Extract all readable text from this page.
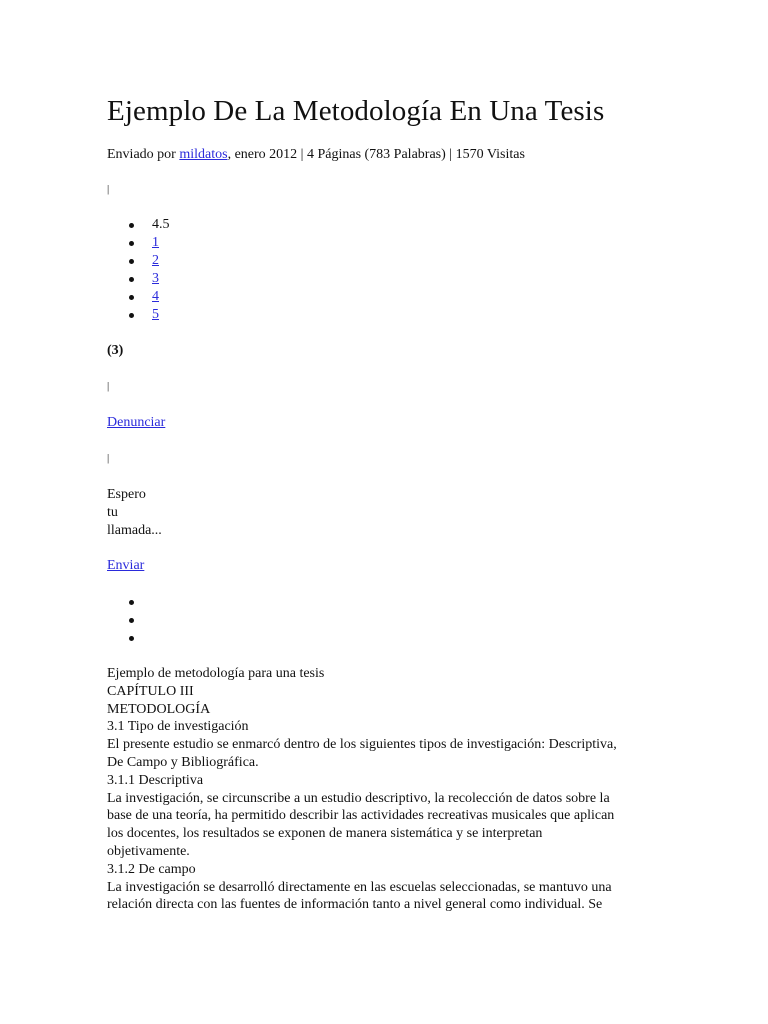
Ejemplo De La Metodología En Una Tesis
Enviado por mildatos, enero 2012 | 4 Páginas (783 Palabras) | 1570 Visitas
|
4.5
1
2
3
4
5
(3)
|
Denunciar
|
Espero
tu
llamada...
Enviar
Ejemplo de metodología para una tesis
CAPÍTULO III
METODOLOGÍA
3.1 Tipo de investigación
El presente estudio se enmarcó dentro de los siguientes tipos de investigación: Descriptiva,
De Campo y Bibliográfica.
3.1.1 Descriptiva
La investigación, se circunscribe a un estudio descriptivo, la recolección de datos sobre la
base de una teoría, ha permitido describir las actividades recreativas musicales que aplican
los docentes, los resultados se exponen de manera sistemática y se interpretan
objetivamente.
3.1.2 De campo
La investigación se desarrolló directamente en las escuelas seleccionadas, se mantuvo una
relación directa con las fuentes de información tanto a nivel general como individual. Se
